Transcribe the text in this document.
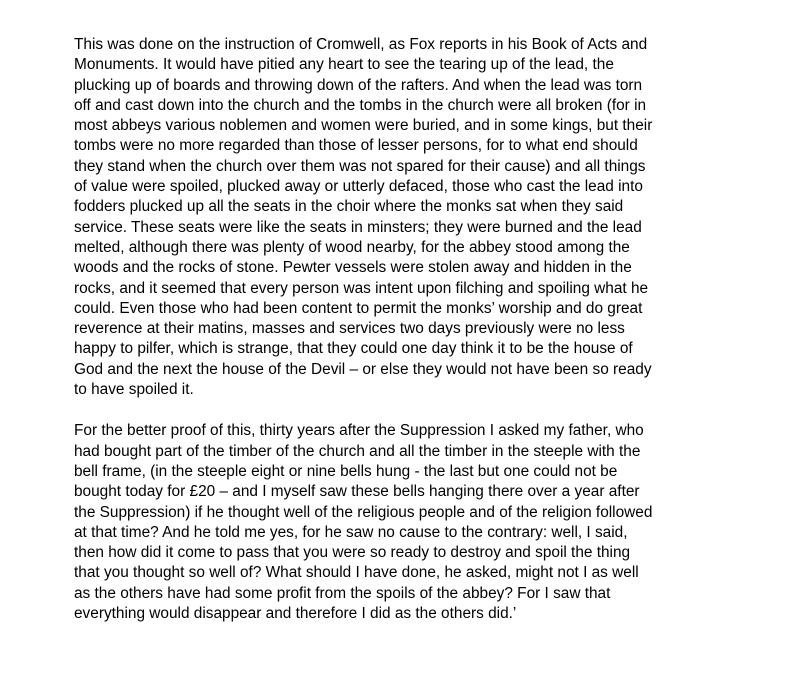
This was done on the instruction of Cromwell, as Fox reports in his Book of Acts and
Monuments. It would have pitied any heart to see the tearing up of the lead, the
plucking up of boards and throwing down of the rafters. And when the lead was torn
off and cast down into the church and the tombs in the church were all broken (for in
most abbeys various noblemen and women were buried, and in some kings, but their
tombs were no more regarded than those of lesser persons, for to what end should
they stand when the church over them was not spared for their cause) and all things
of value were spoiled, plucked away or utterly defaced, those who cast the lead into
fodders plucked up all the seats in the choir where the monks sat when they said
service. These seats were like the seats in minsters; they were burned and the lead
melted, although there was plenty of wood nearby, for the abbey stood among the
woods and the rocks of stone. Pewter vessels were stolen away and hidden in the
rocks, and it seemed that every person was intent upon filching and spoiling what he
could. Even those who had been content to permit the monks’ worship and do great
reverence at their matins, masses and services two days previously were no less
happy to pilfer, which is strange, that they could one day think it to be the house of
God and the next the house of the Devil – or else they would not have been so ready
to have spoiled it.
For the better proof of this, thirty years after the Suppression I asked my father, who
had bought part of the timber of the church and all the timber in the steeple with the
bell frame, (in the steeple eight or nine bells hung - the last but one could not be
bought today for £20 – and I myself saw these bells hanging there over a year after
the Suppression) if he thought well of the religious people and of the religion followed
at that time? And he told me yes, for he saw no cause to the contrary: well, I said,
then how did it come to pass that you were so ready to destroy and spoil the thing
that you thought so well of? What should I have done, he asked, might not I as well
as the others have had some profit from the spoils of the abbey? For I saw that
everything would disappear and therefore I did as the others did.’
